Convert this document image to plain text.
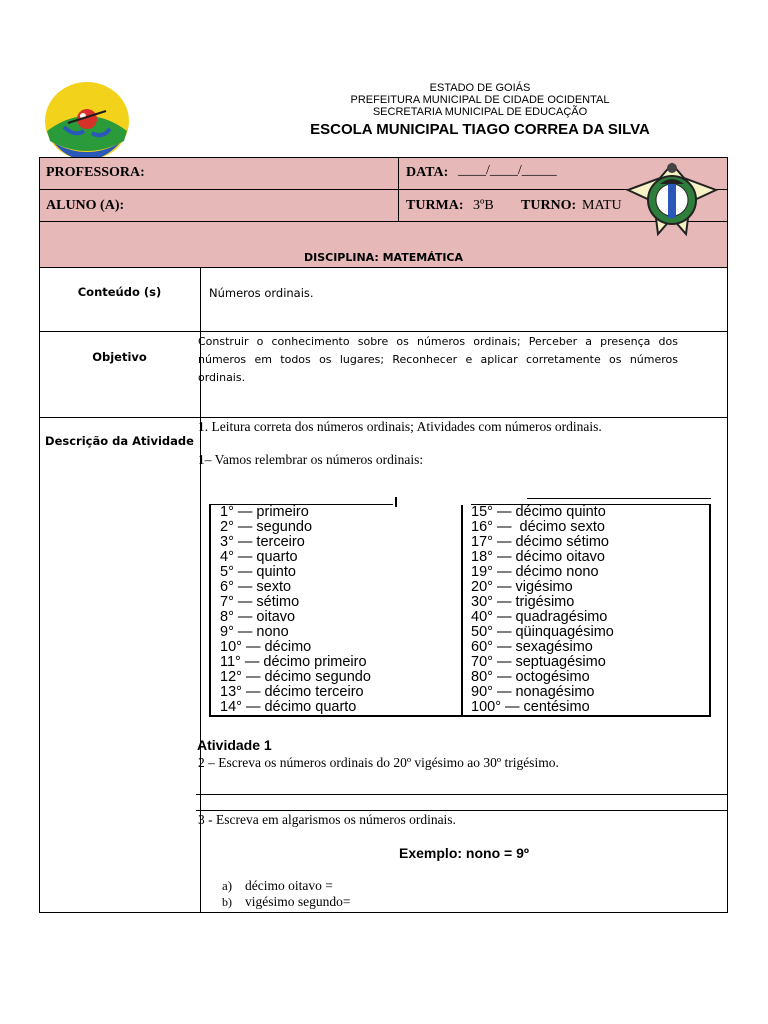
ESTADO DE GOIÁS
PREFEITURA MUNICIPAL DE CIDADE OCIDENTAL
SECRETARIA MUNICIPAL DE EDUCAÇÃO
ESCOLA MUNICIPAL TIAGO CORREA DA SILVA
PROFESSORA:	DATA: ____/____/_____
ALUNO (A):	TURMA: 3ºB TURNO: MATU
DISCIPLINA: MATEMÁTICA
Conteúdo (s)	Números ordinais.
Objetivo
Construir o conhecimento sobre os números ordinais; Perceber a presença dos números em todos os lugares; Reconhecer e aplicar corretamente os números ordinais.
Descrição da Atividade
1. Leitura correta dos números ordinais; Atividades com números ordinais.
1– Vamos relembrar os números ordinais:
1° — primeiro
2° — segundo
3° — terceiro
4° — quarto
5° — quinto
6° — sexto
7° — sétimo
8° — oitavo
9° — nono
10° — décimo
11° — décimo primeiro
12° — décimo segundo
13° — décimo terceiro
14° — décimo quarto
15° — décimo quinto
16° —  décimo sexto
17° — décimo sétimo
18° — décimo oitavo
19° — décimo nono
20° — vigésimo
30° — trigésimo
40° — quadragésimo
50° — qüinquagésimo
60° — sexagésimo
70° — septuagésimo
80° — octogésimo
90° — nonagésimo
100° — centésimo
Atividade 1
2 – Escreva os números ordinais do 20º vigésimo ao 30º trigésimo.
3 - Escreva em algarismos os números ordinais.
Exemplo: nono = 9º
a) décimo oitavo =
b) vigésimo segundo=
